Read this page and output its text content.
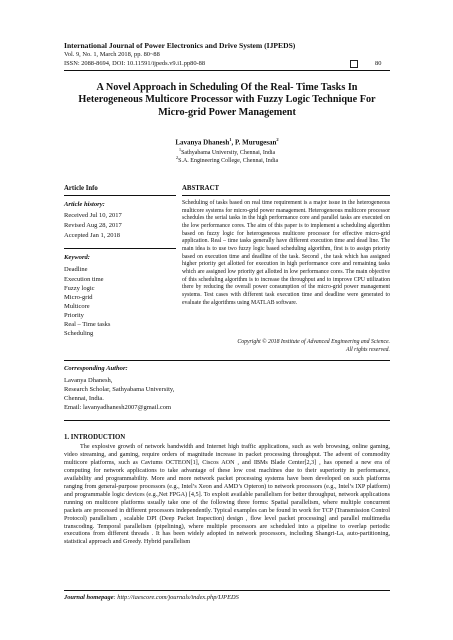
International Journal of Power Electronics and Drive System (IJPEDS)
Vol. 9, No. 1, March 2018, pp. 80~88
ISSN: 2088-8694, DOI: 10.11591/ijpeds.v9.i1.pp80-88	80
A Novel Approach in Scheduling Of the Real- Time Tasks In Heterogeneous Multicore Processor with Fuzzy Logic Technique For Micro-grid Power Management
Lavanya Dhanesh$^1$, P. Murugesan$^2$
$^1$Sathyabama University, Chennai, India
$^2$S.A. Engineering College, Chennai, India
Article Info	ABSTRACT
Article history:
Received Jul 10, 2017
Revised Aug 28, 2017
Accepted Jan 1, 2018
Keyword:
Deadline
Execution time
Fuzzy logic
Micro-grid
Multicore
Priority
Real – Time tasks
Scheduling
Scheduling of tasks based on real time requirement is a major issue in the heterogeneous multicore systems for micro-grid power management. Heterogeneous multicore processor schedules the serial tasks in the high performance core and parallel tasks are executed on the low performance cores. The aim of this paper is to implement a scheduling algorithm based on fuzzy logic for heterogeneous multicore processor for effective micro-grid application. Real – time tasks generally have different execution time and dead line. The main idea is to use two fuzzy logic based scheduling algorithm, first is to assign priority based on execution time and deadline of the task. Second , the task which has assigned higher priority get allotted for execution in high performance core and remaining tasks which are assigned low priority get allotted in low performance cores. The main objective of this scheduling algorithm is to increase the throughput and to improve CPU utilization there by reducing the overall power consumption of the micro-grid power management systems. Test cases with different task execution time and deadline were generated to evaluate the algorithms using MATLAB software.
Copyright © 2018 Institute of Advanced Engineering and Science.
All rights reserved.
Corresponding Author:
Lavanya Dhanesh,
Research Scholar, Sathyabama University,
Chennai, India.
Email: lavanyadhanesh2007@gmail.com
1. INTRODUCTION
The explosive growth of network bandwidth and Internet high traffic applications, such as web browsing, online gaming, video streaming, and gaming, require orders of magnitude increase in packet processing throughput. The advent of commodity multicore platforms, such as Caviums OCTEON[1], Ciscos AON , and IBMs Blade Center[2,3] , has opened a new era of computing for network applications to take advantage of these low cost machines due to their superiority in performance, availability and programmability. More and more network packet processing systems have been developed on such platforms ranging from general-purpose processors (e.g., Intel’s Xeon and AMD’s Opteron) to network processors (e.g., Intel’s IXP platform) and programmable logic devices (e.g.,Net FPGA) [4,5]. To exploit available parallelism for better throughput, network applications running on multicore platforms usually take one of the following three forms: Spatial parallelism, where multiple concurrent packets are processed in different processors independently. Typical examples can be found in work for TCP (Transmission Control Protocol) parallelism , scalable DPI (Deep Packet Inspection) design , flow level packet processing] and parallel multimedia transcoding. Temporal parallelism (pipelining), where multiple processors are scheduled into a pipeline to overlap periodic executions from different threads . It has been widely adopted in network processors, including Shangri-La, auto-partitioning, statistical approach and Greedy. Hybrid parallelism
Journal homepage: http://iaescore.com/journals/index.php/IJPEDS
